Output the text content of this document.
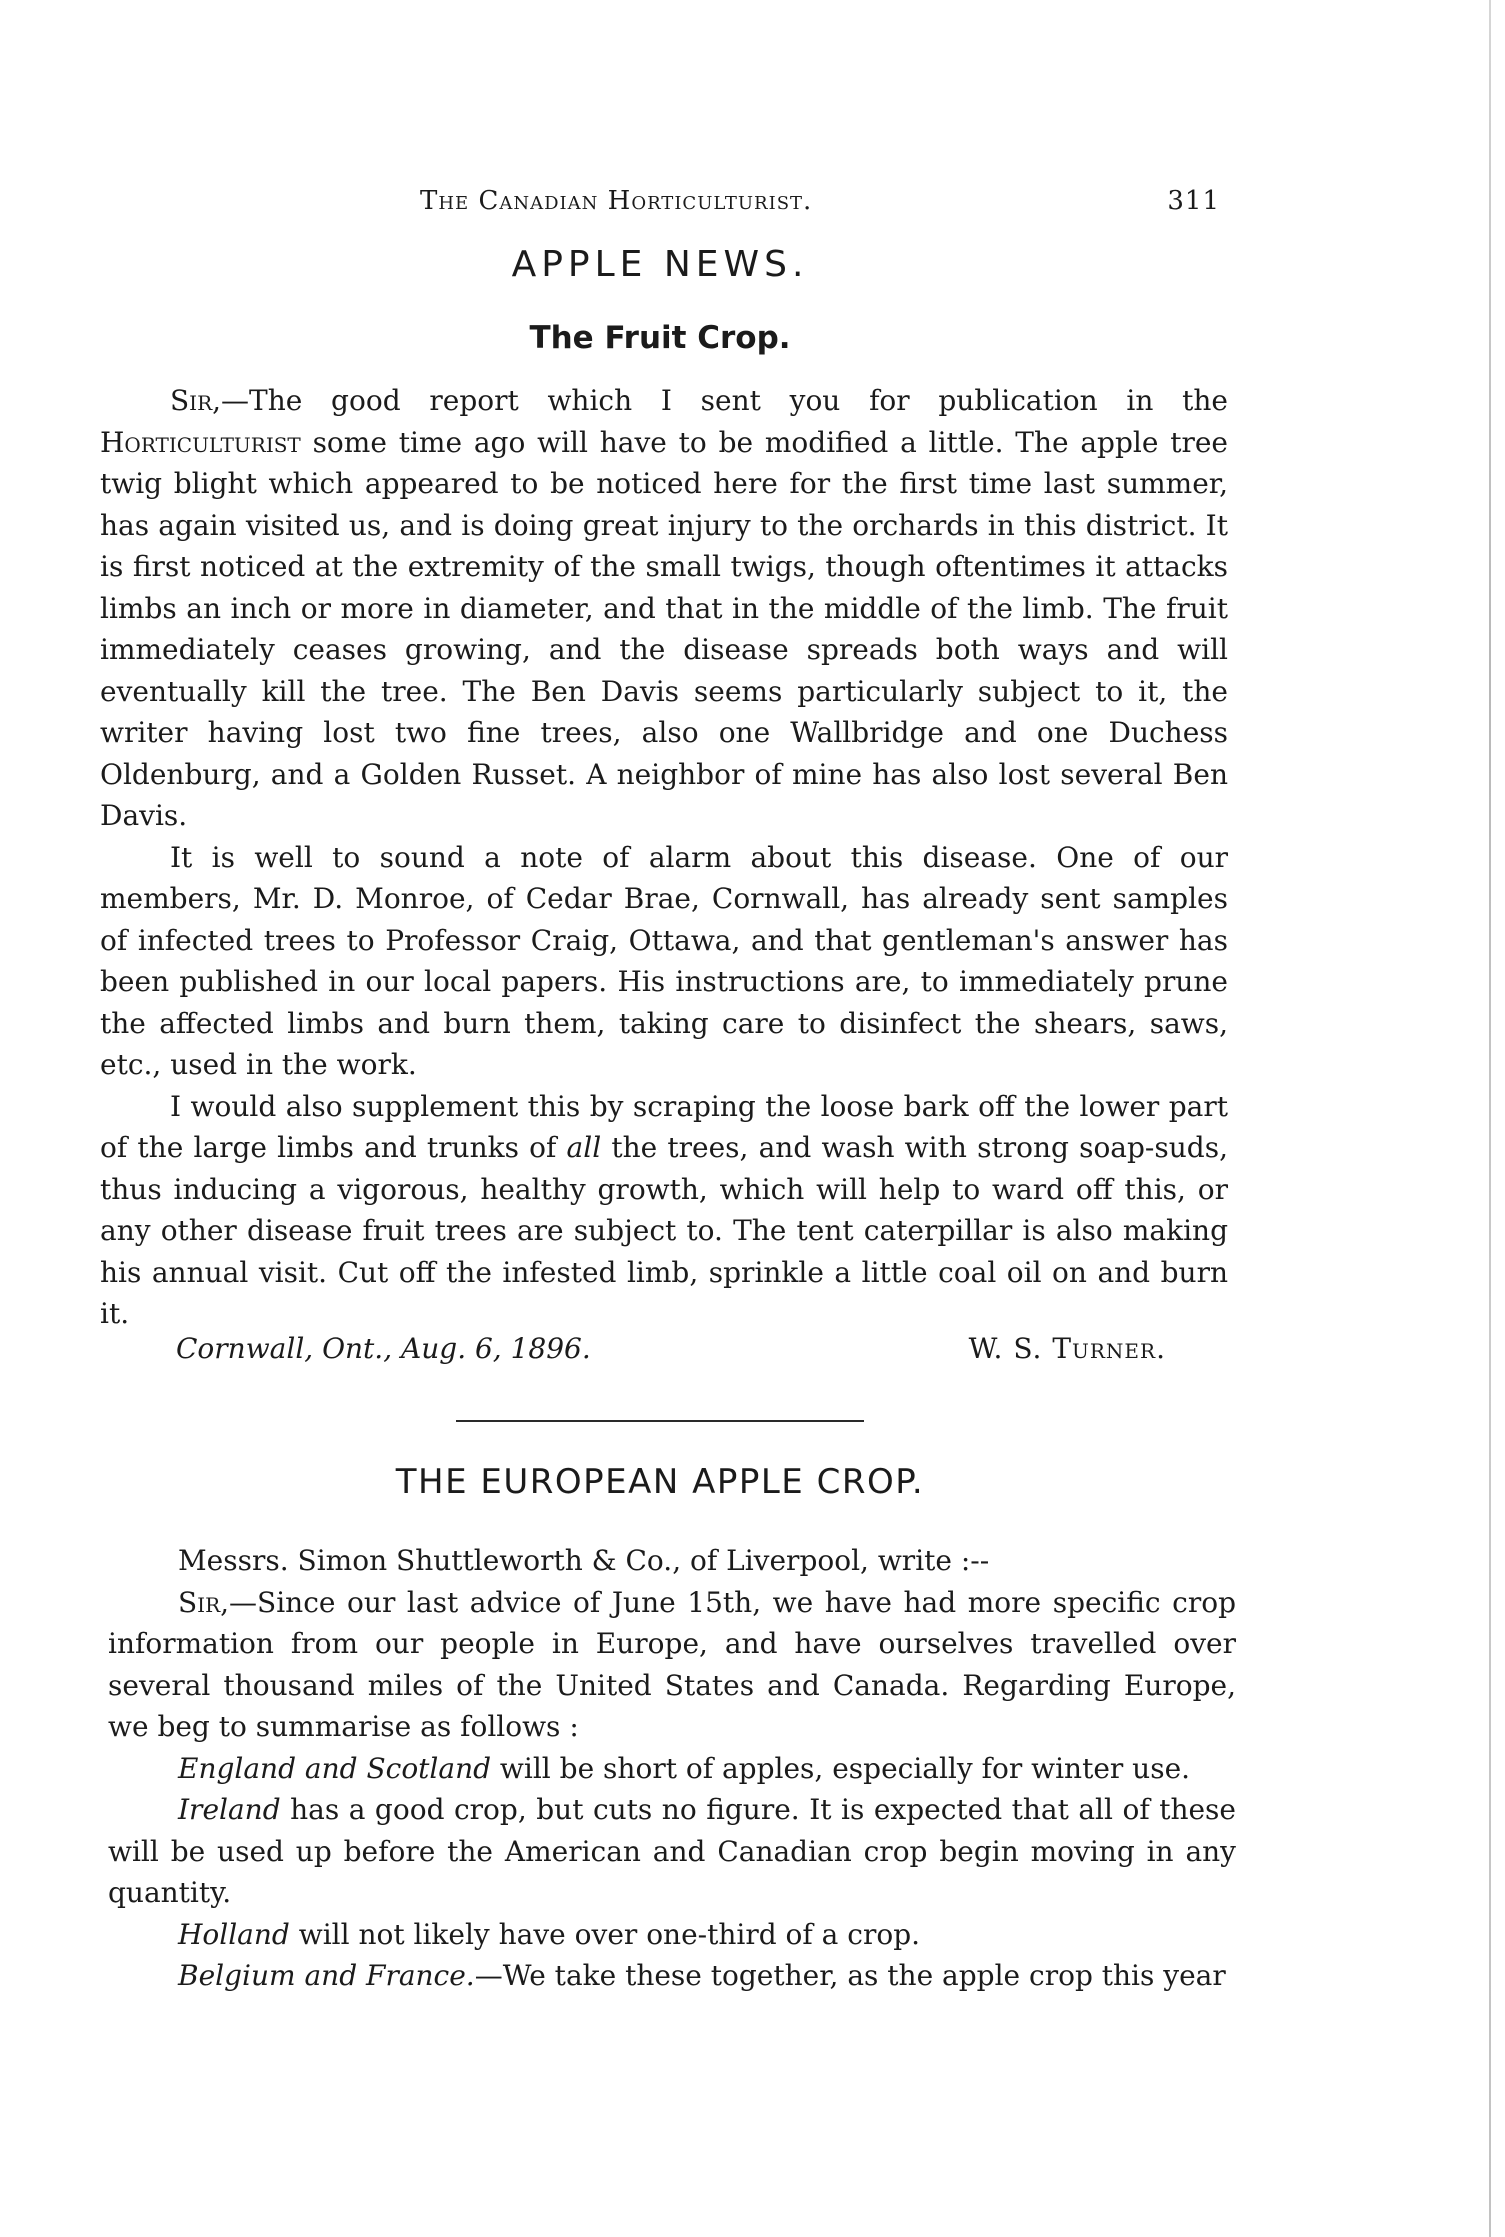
The Canadian Horticulturist.	311
APPLE NEWS.
The Fruit Crop.

Sir,—The good report which I sent you for publication in the Horticulturist some time ago will have to be modified a little. The apple tree twig blight which appeared to be noticed here for the first time last summer, has again visited us, and is doing great injury to the orchards in this district. It is first noticed at the extremity of the small twigs, though oftentimes it attacks limbs an inch or more in diameter, and that in the middle of the limb. The fruit immediately ceases growing, and the disease spreads both ways and will eventually kill the tree. The Ben Davis seems particularly subject to it, the writer having lost two fine trees, also one Wallbridge and one Duchess Oldenburg, and a Golden Russet. A neighbor of mine has also lost several Ben Davis.

It is well to sound a note of alarm about this disease. One of our members, Mr. D. Monroe, of Cedar Brae, Cornwall, has already sent samples of infected trees to Professor Craig, Ottawa, and that gentleman's answer has been published in our local papers. His instructions are, to immediately prune the affected limbs and burn them, taking care to disinfect the shears, saws, etc., used in the work.

I would also supplement this by scraping the loose bark off the lower part of the large limbs and trunks of all the trees, and wash with strong soap-suds, thus inducing a vigorous, healthy growth, which will help to ward off this, or any other disease fruit trees are subject to. The tent caterpillar is also making his annual visit. Cut off the infested limb, sprinkle a little coal oil on and burn it.

Cornwall, Ont., Aug. 6, 1896.	W. S. Turner.
THE EUROPEAN APPLE CROP.

Messrs. Simon Shuttleworth & Co., of Liverpool, write :--

Sir,—Since our last advice of June 15th, we have had more specific crop information from our people in Europe, and have ourselves travelled over several thousand miles of the United States and Canada. Regarding Europe, we beg to summarise as follows :

England and Scotland will be short of apples, especially for winter use.

Ireland has a good crop, but cuts no figure. It is expected that all of these will be used up before the American and Canadian crop begin moving in any quantity.

Holland will not likely have over one-third of a crop.

Belgium and France.—We take these together, as the apple crop this year
